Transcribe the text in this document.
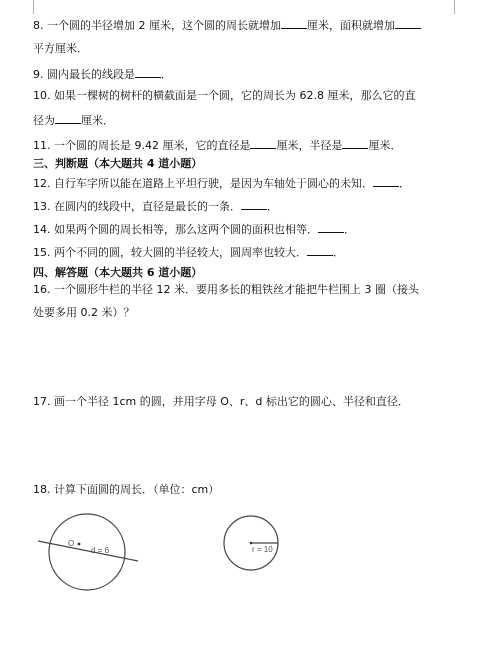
8. 一个圆的半径增加 2 厘米，这个圆的周长就增加 厘米，面积就增加
平方厘米．
9. 圆内最长的线段是 ．
10. 如果一棵树的树杆的横截面是一个圆，它的周长为 62.8 厘米，那么它的直
径为 厘米．
11. 一个圆的周长是 9.42 厘米，它的直径是 厘米，半径是 厘米．
三、判断题（本大题共 4 道小题）
12. 自行车字所以能在道路上平坦行驶，是因为车轴处于圆心的未知． ．
13. 在圆内的线段中，直径是最长的一条． ．
14. 如果两个圆的周长相等，那么这两个圆的面积也相等． ．
15. 两个不同的圆，较大圆的半径较大，圆周率也较大． ．
四、解答题（本大题共 6 道小题）
16. 一个圆形牛栏的半径 12 米．要用多长的粗铁丝才能把牛栏围上 3 圈（接头
处要多用 0.2 米）？
17. 画一个半径 1cm 的圆，并用字母 O、r、d 标出它的圆心、半径和直径．
18. 计算下面圆的周长．（单位：cm）
O
d = 6	r = 10
